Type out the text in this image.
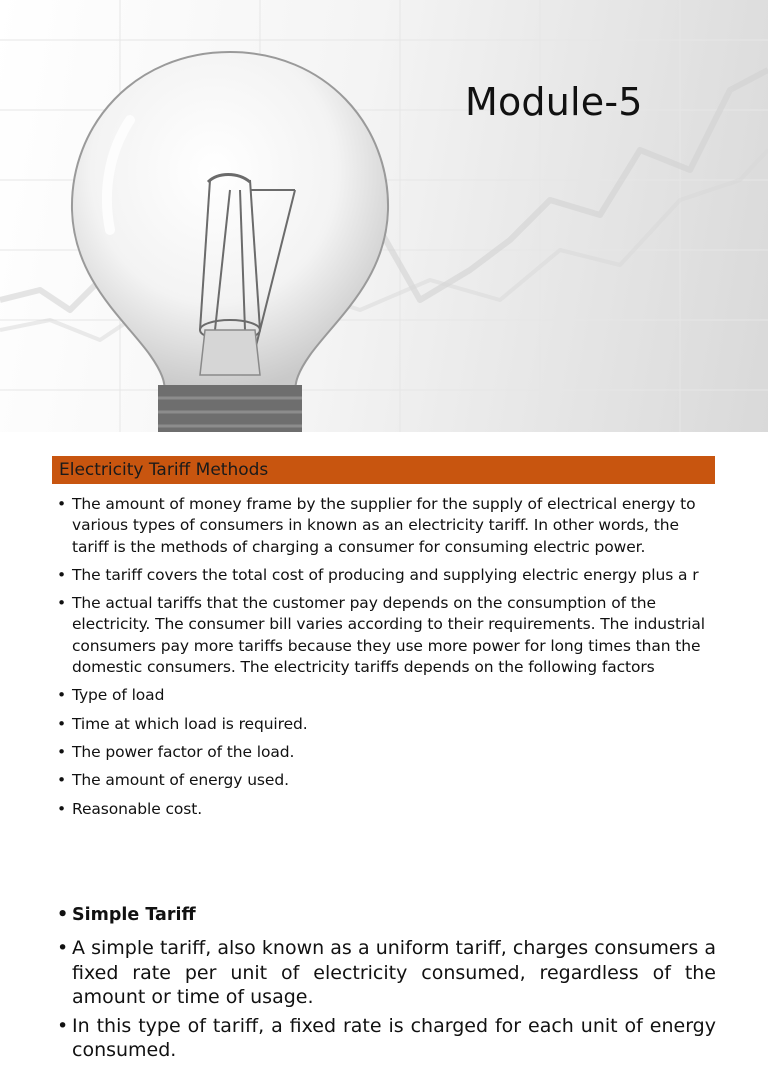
Module-5
Electricity Tariff Methods
• The amount of money frame by the supplier for the supply of electrical energy to various types of consumers in known as an electricity tariff. In other words, the tariff is the methods of charging a consumer for consuming electric power.
• The tariff covers the total cost of producing and supplying electric energy plus a r
• The actual tariffs that the customer pay depends on the consumption of the electricity. The consumer bill varies according to their requirements. The industrial consumers pay more tariffs because they use more power for long times than the domestic consumers. The electricity tariffs depends on the following factors
• Type of load
• Time at which load is required.
• The power factor of the load.
• The amount of energy used.
• Reasonable cost.
• Simple Tariff
• A simple tariff, also known as a uniform tariff, charges consumers a fixed rate per unit of electricity consumed, regardless of the amount or time of usage.
• In this type of tariff, a fixed rate is charged for each unit of energy consumed.
